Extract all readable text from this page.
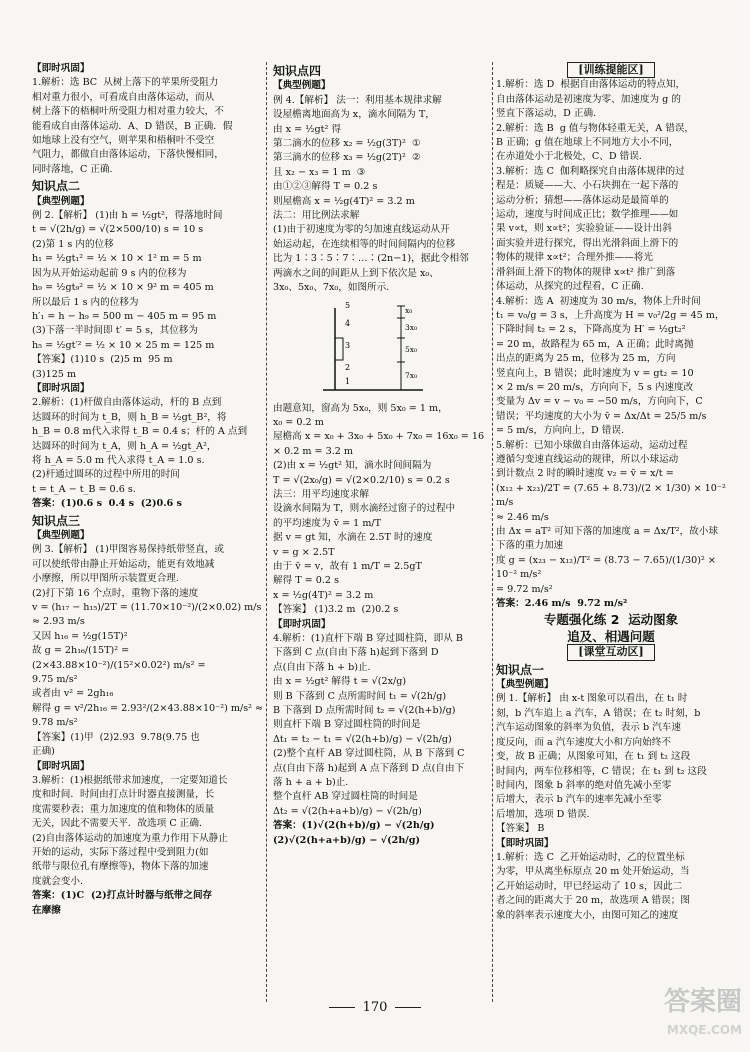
【即时巩固】
1.解析：选 BC  从树上落下的苹果所受阻力
相对重力很小，可看成自由落体运动，而从
树上落下的梧桐叶所受阻力相对重力较大，不
能看成自由落体运动．A、D 错误，B 正确．假
如地球上没有空气，则苹果和梧桐叶不受空
气阻力，都做自由落体运动，下落快慢相同，
同时落地，C 正确.
知识点二
【典型例题】
例 2.【解析】 (1)由 h = ½gt²，得落地时间
t = √(2h/g) = √(2×500/10) s = 10 s
(2)第 1 s 内的位移
h₁ = ½gt₁² = ½ × 10 × 1² m = 5 m
因为从开始运动起前 9 s 内的位移为
h₉ = ½gt₉² = ½ × 10 × 9² m = 405 m
所以最后 1 s 内的位移为
h′₁ = h − h₉ = 500 m − 405 m = 95 m
(3)下落一半时间即 t′ = 5 s，其位移为
h₅ = ½gt′² = ½ × 10 × 25 m = 125 m
【答案】(1)10 s  (2)5 m  95 m
(3)125 m
【即时巩固】
2.解析：(1)杆做自由落体运动，杆的 B 点到
达圆环的时间为 t_B，则 h_B = ½gt_B²，将
h_B = 0.8 m代入求得 t_B = 0.4 s；杆的 A 点到
达圆环的时间为 t_A，则 h_A = ½gt_A²，
将 h_A = 5.0 m 代入求得 t_A = 1.0 s.
(2)杆通过圆环的过程中所用的时间
t = t_A − t_B = 0.6 s.
答案：(1)0.6 s  0.4 s  (2)0.6 s
知识点三
【典型例题】
例 3.【解析】 (1)甲图容易保持纸带竖直，或
可以使纸带由静止开始运动，能更有效地减
小摩擦，所以甲图所示装置更合理.
(2)打下第 16 个点时，重物下落的速度
v = (h₁₇ − h₁₅)/2T = (11.70×10⁻²)/(2×0.02) m/s ≈ 2.93 m/s
又因 h₁₆ = ½g(15T)²
故 g = 2h₁₆/(15T)² = (2×43.88×10⁻²)/(15²×0.02²) m/s² =
9.75 m/s²
或者由 v² = 2gh₁₆
解得 g = v²/2h₁₆ = 2.93²/(2×43.88×10⁻²) m/s² ≈ 9.78 m/s²
【答案】(1)甲  (2)2.93  9.78(9.75 也
正确)
【即时巩固】
3.解析：(1)根据纸带求加速度，一定要知道长
度和时间．时间由打点计时器直接测量，长
度需要秒表；重力加速度的值和物体的质量
无关，因此不需要天平．故选项 C 正确．
(2)自由落体运动的加速度为重力作用下从静止
开始的运动，实际下落过程中受到阻力(如
纸带与限位孔有摩擦等)，物体下落的加速
度就会变小.
答案：(1)C  (2)打点计时器与纸带之间存
在摩擦
知识点四
【典型例题】
例 4.【解析】 法一：利用基本规律求解
设屋檐离地面高为 x，滴水间隔为 T，
由 x = ½gt² 得
第二滴水的位移 x₂ = ½g(3T)²  ①
第三滴水的位移 x₃ = ½g(2T)²  ②
且 x₂ − x₃ = 1 m  ③
由①②③解得 T = 0.2 s
则屋檐高 x = ½g(4T)² = 3.2 m
法二：用比例法求解
(1)由于初速度为零的匀加速直线运动从开
始运动起，在连续相等的时间间隔内的位移
比为 1∶3∶5∶7∶…∶(2n−1)，据此令相邻
两滴水之间的间距从上到下依次是 x₀、
3x₀、5x₀、7x₀，如图所示.
5
4
3
2
1
x₀
3x₀
5x₀
7x₀
由题意知，窗高为 5x₀，则 5x₀ = 1 m，
x₀ = 0.2 m
屋檐高 x = x₀ + 3x₀ + 5x₀ + 7x₀ = 16x₀ = 16
× 0.2 m = 3.2 m
(2)由 x = ½gt² 知，滴水时间间隔为
T = √(2x₀/g) = √(2×0.2/10) s = 0.2 s
法三：用平均速度求解
设滴水间隔为 T，则水滴经过窗子的过程中
的平均速度为 v̄ = 1 m/T
据 v = gt 知，水滴在 2.5T 时的速度
v = g × 2.5T
由于 v̄ = v，故有 1 m/T = 2.5gT
解得 T = 0.2 s
x = ½g(4T)² = 3.2 m
【答案】 (1)3.2 m  (2)0.2 s
【即时巩固】
4.解析：(1)直杆下端 B 穿过圆柱筒，即从 B
下落到 C 点(自由下落 h)起到下落到 D
点(自由下落 h + b)止.
由 x = ½gt² 解得 t = √(2x/g)
则 B 下落到 C 点所需时间 t₁ = √(2h/g)
B 下落到 D 点所需时间 t₂ = √(2(h+b)/g)
则直杆下端 B 穿过圆柱筒的时间是
Δt₁ = t₂ − t₁ = √(2(h+b)/g) − √(2h/g)
(2)整个直杆 AB 穿过圆柱筒，从 B 下落到 C
点(自由下落 h)起到 A 点下落到 D 点(自由下
落 h + a + b)止.
整个直杆 AB 穿过圆柱筒的时间是
Δt₂ = √(2(h+a+b)/g) − √(2h/g)
答案：(1)√(2(h+b)/g) − √(2h/g)
(2)√(2(h+a+b)/g) − √(2h/g)
[训练提能区]
1.解析：选 D  根据自由落体运动的特点知，
自由落体运动是初速度为零、加速度为 g 的
竖直下落运动，D 正确.
2.解析：选 B  g 值与物体轻重无关，A 错误，
B 正确；g 值在地球上不同地方大小不同，
在赤道处小于北极处，C、D 错误.
3.解析：选 C  伽利略探究自由落体规律的过
程是：质疑——大、小石块拥在一起下落的
运动分析；猜想——落体运动是最简单的
运动，速度与时间成正比；数学推理——如
果 v∝t，则 x∝t²；实验验证——设计出斜
面实验并进行探究，得出光滑斜面上滑下的
物体的规律 x∝t²；合理外推——将光
滑斜面上滑下的物体的规律 x∝t² 推广到落
体运动，从探究的过程看，C 正确.
4.解析：选 A  初速度为 30 m/s，物体上升时间
t₁ = v₀/g = 3 s，上升高度为 H = v₀²/2g = 45 m，
下降时间 t₂ = 2 s，下降高度为 H′ = ½gt₂²
= 20 m，故路程为 65 m，A 正确；此时离抛
出点的距离为 25 m，位移为 25 m，方向
竖直向上，B 错误；此时速度为 v = gt₂ = 10
× 2 m/s = 20 m/s，方向向下，5 s 内速度改
变量为 Δv = v − v₀ = −50 m/s，方向向下，C
错误；平均速度的大小为 v̄ = Δx/Δt = 25/5 m/s
= 5 m/s，方向向上，D 错误.
5.解析：已知小球做自由落体运动，运动过程
遵循匀变速直线运动的规律，所以小球运动
到计数点 2 时的瞬时速度 v₂ = v̄ = x/t =
(x₁₂ + x₂₃)/2T = (7.65 + 8.73)/(2 × 1/30) × 10⁻² m/s
≈ 2.46 m/s
由 Δx = aT² 可知下落的加速度 a = Δx/T²，故小球下落的重力加速
度 g = (x₂₃ − x₁₂)/T² = (8.73 − 7.65)/(1/30)² × 10⁻² m/s²
= 9.72 m/s²
答案：2.46 m/s  9.72 m/s²
专题强化练 2  运动图象
追及、相遇问题
[课堂互动区]
知识点一
【典型例题】
例 1.【解析】 由 x-t 图象可以看出，在 t₁ 时
刻，b 汽车追上 a 汽车，A 错误；在 t₂ 时刻，b
汽车运动图象的斜率为负值，表示 b 汽车速
度反向，而 a 汽车速度大小和方向始终不
变，故 B 正确；从图象可知，在 t₁ 到 t₂ 这段
时间内，两车位移相等，C 错误；在 t₁ 到 t₂ 这段
时间内，图象 b 斜率的绝对值先减小至零
后增大，表示 b 汽车的速率先减小至零
后增加，选项 D 错误.
【答案】 B
【即时巩固】
1.解析：选 C  乙开始运动时，乙的位置坐标
为零，甲从离坐标原点 20 m 处开始运动，当
乙开始运动时，甲已经运动了 10 s，因此二
者之间的距离大于 20 m，故选项 A 错误；图
象的斜率表示速度大小，由图可知乙的速度
170	答案圈
MXQE.COM
